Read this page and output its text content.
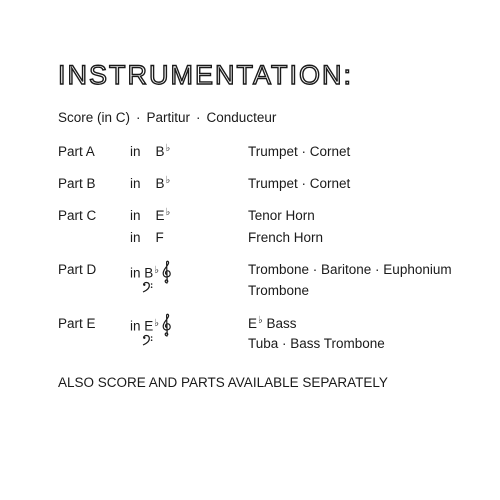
INSTRUMENTATION:
Score (in C) · Partitur · Conducteur
Part A	in B♭	Trumpet · Cornet
Part B	in B♭	Trumpet · Cornet
Part C in E♭	Tenor Horn
in F	French Horn
Part D in B♭	Trombone · Baritone · Euphonium
Trombone
Part E	in E♭	E♭ Bass
Tuba · Bass Trombone
ALSO SCORE AND PARTS AVAILABLE SEPARATELY
